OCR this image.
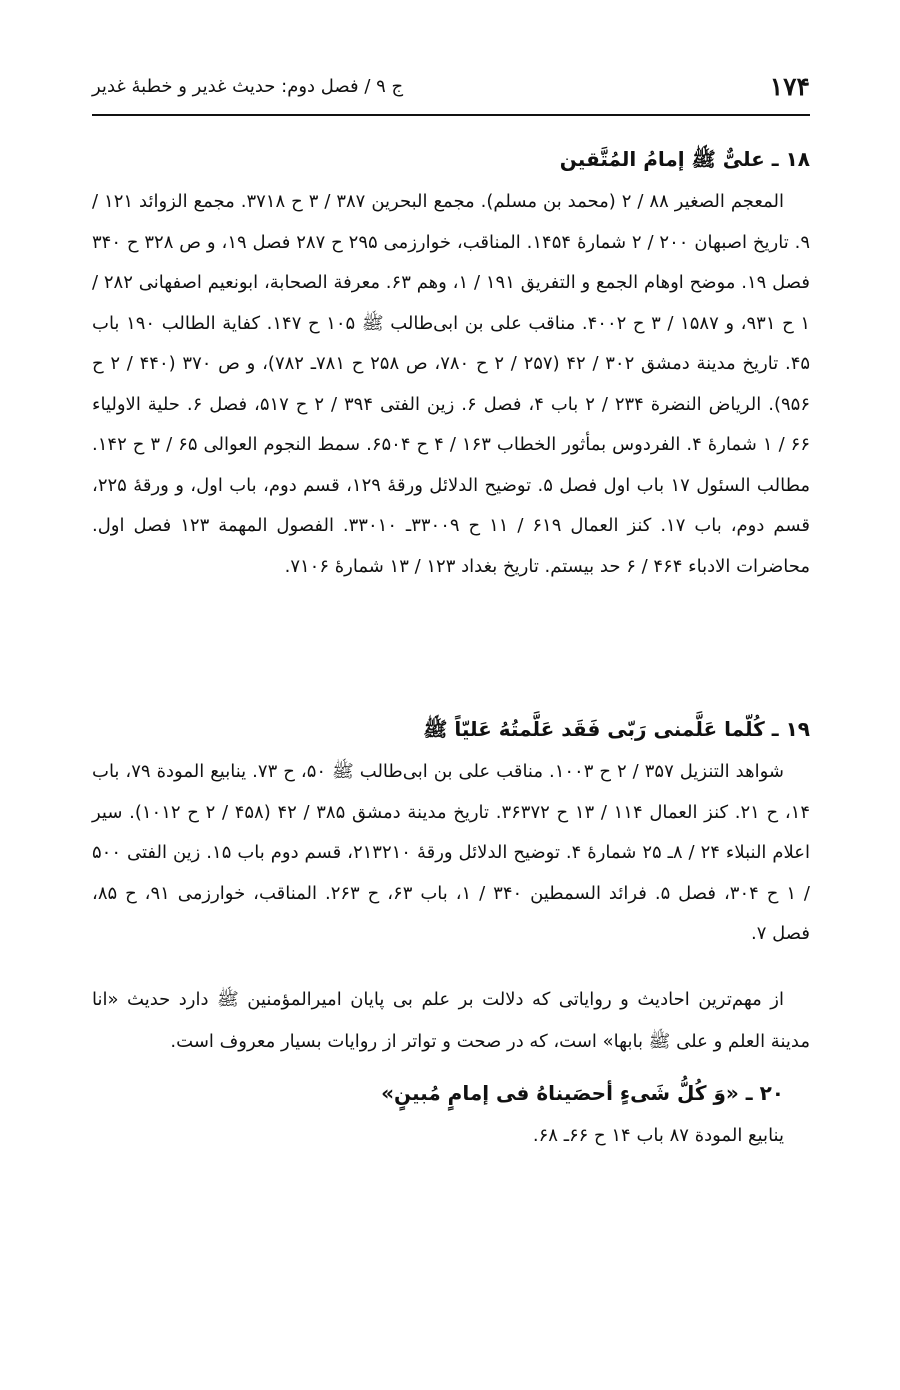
۱۷۴
ج ۹ / فصل دوم: حدیث غدیر و خطبهٔ غدیر
۱۸ ـ علیٌّ ﷺ إمامُ المُتَّقین

المعجم الصغیر ۸۸ / ۲ (محمد بن مسلم). مجمع البحرین ۳۸۷ / ۳ ح ۳۷۱۸. مجمع الزوائد ۱۲۱ / ۹. تاریخ اصبهان ۲۰۰ / ۲ شمارهٔ ۱۴۵۴. المناقب، خوارزمی ۲۹۵ ح ۲۸۷ فصل ۱۹، و ص ۳۲۸ ح ۳۴۰ فصل ۱۹. موضح اوهام الجمع و التفریق ۱۹۱ / ۱، وهم ۶۳. معرفة الصحابة، ابونعیم اصفهانی ۲۸۲ / ۱ ح ۹۳۱، و ۱۵۸۷ / ۳ ح ۴۰۰۲. مناقب علی بن ابی‌طالب ﷺ ۱۰۵ ح ۱۴۷. کفایة الطالب ۱۹۰ باب ۴۵. تاریخ مدینة دمشق ۳۰۲ / ۴۲ (۲۵۷ / ۲ ح ۷۸۰، ص ۲۵۸ ح ۷۸۱ـ ۷۸۲)، و ص ۳۷۰ (۴۴۰ / ۲ ح ۹۵۶). الریاض النضرة ۲۳۴ / ۲ باب ۴، فصل ۶. زین الفتی ۳۹۴ / ۲ ح ۵۱۷، فصل ۶. حلیة الاولیاء ۶۶ / ۱ شمارهٔ ۴. الفردوس بمأثور الخطاب ۱۶۳ / ۴ ح ۶۵۰۴. سمط النجوم العوالی ۶۵ / ۳ ح ۱۴۲. مطالب السئول ۱۷ باب اول فصل ۵. توضیح الدلائل ورقهٔ ۱۲۹، قسم دوم، باب اول، و ورقهٔ ۲۲۵، قسم دوم، باب ۱۷. کنز العمال ۶۱۹ / ۱۱ ح ۳۳۰۰۹ـ ۳۳۰۱۰. الفصول المهمة ۱۲۳ فصل اول. محاضرات الادباء ۴۶۴ / ۶ حد بیستم. تاریخ بغداد ۱۲۳ / ۱۳ شمارهٔ ۷۱۰۶.

۱۹ ـ کُلّما عَلَّمنی رَبّی فَقَد عَلَّمتُهُ عَلیّاً ﷺ

شواهد التنزیل ۳۵۷ / ۲ ح ۱۰۰۳. مناقب علی بن ابی‌طالب ﷺ ۵۰، ح ۷۳. ینابیع المودة ۷۹، باب ۱۴، ح ۲۱. کنز العمال ۱۱۴ / ۱۳ ح ۳۶۳۷۲. تاریخ مدینة دمشق ۳۸۵ / ۴۲ (۴۵۸ / ۲ ح ۱۰۱۲). سیر اعلام النبلاء ۲۴ / ۸ـ ۲۵ شمارهٔ ۴. توضیح الدلائل ورقهٔ ۲۱۳۲۱۰، قسم دوم باب ۱۵. زین الفتی ۵۰۰ / ۱ ح ۳۰۴، فصل ۵. فرائد السمطین ۳۴۰ / ۱، باب ۶۳، ح ۲۶۳. المناقب، خوارزمی ۹۱، ح ۸۵، فصل ۷.

از مهم‌ترین احادیث و روایاتی که دلالت بر علم بی پایان امیرالمؤمنین ﷺ دارد حدیث «انا مدینة العلم و علی ﷺ بابها» است، که در صحت و تواتر از روایات بسیار معروف است.

۲۰ ـ «وَ کُلُّ شَیءٍ أحصَیناهُ فی إمامٍ مُبینٍ»

ینابیع المودة ۸۷ باب ۱۴ ح ۶۶ـ ۶۸.
